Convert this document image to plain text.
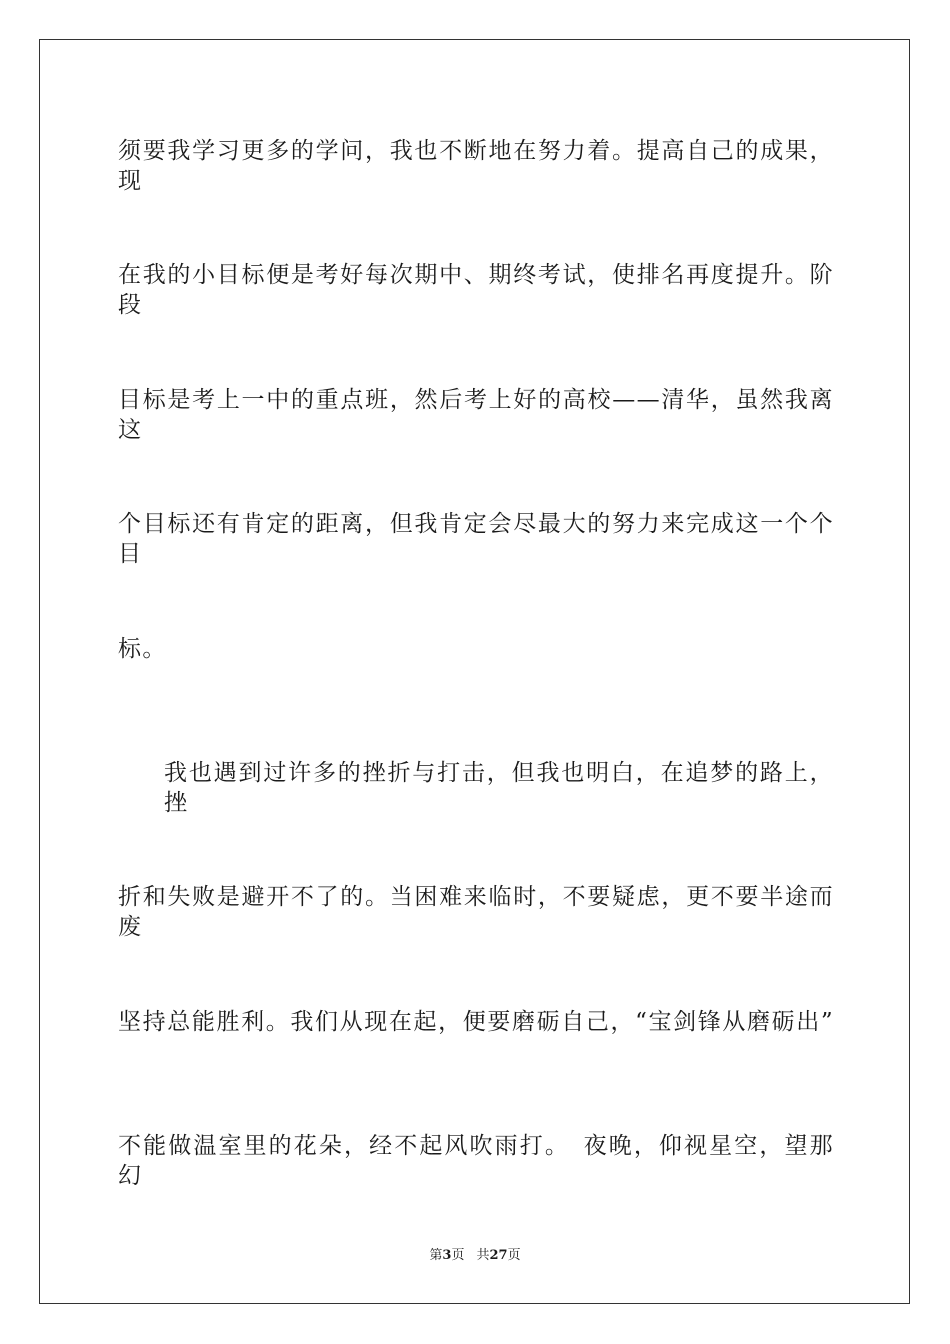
须要我学习更多的学问，我也不断地在努力着。提高自己的成果，现
在我的小目标便是考好每次期中、期终考试，使排名再度提升。阶段
目标是考上一中的重点班，然后考上好的高校——清华，虽然我离这
个目标还有肯定的距离，但我肯定会尽最大的努力来完成这一个个目
标。
我也遇到过许多的挫折与打击，但我也明白，在追梦的路上，挫
折和失败是避开不了的。当困难来临时，不要疑虑，更不要半途而废
坚持总能胜利。我们从现在起，便要磨砺自己，“宝剑锋从磨砺出”
不能做温室里的花朵，经不起风吹雨打。　夜晚，仰视星空，望那幻
第3页 共27页
